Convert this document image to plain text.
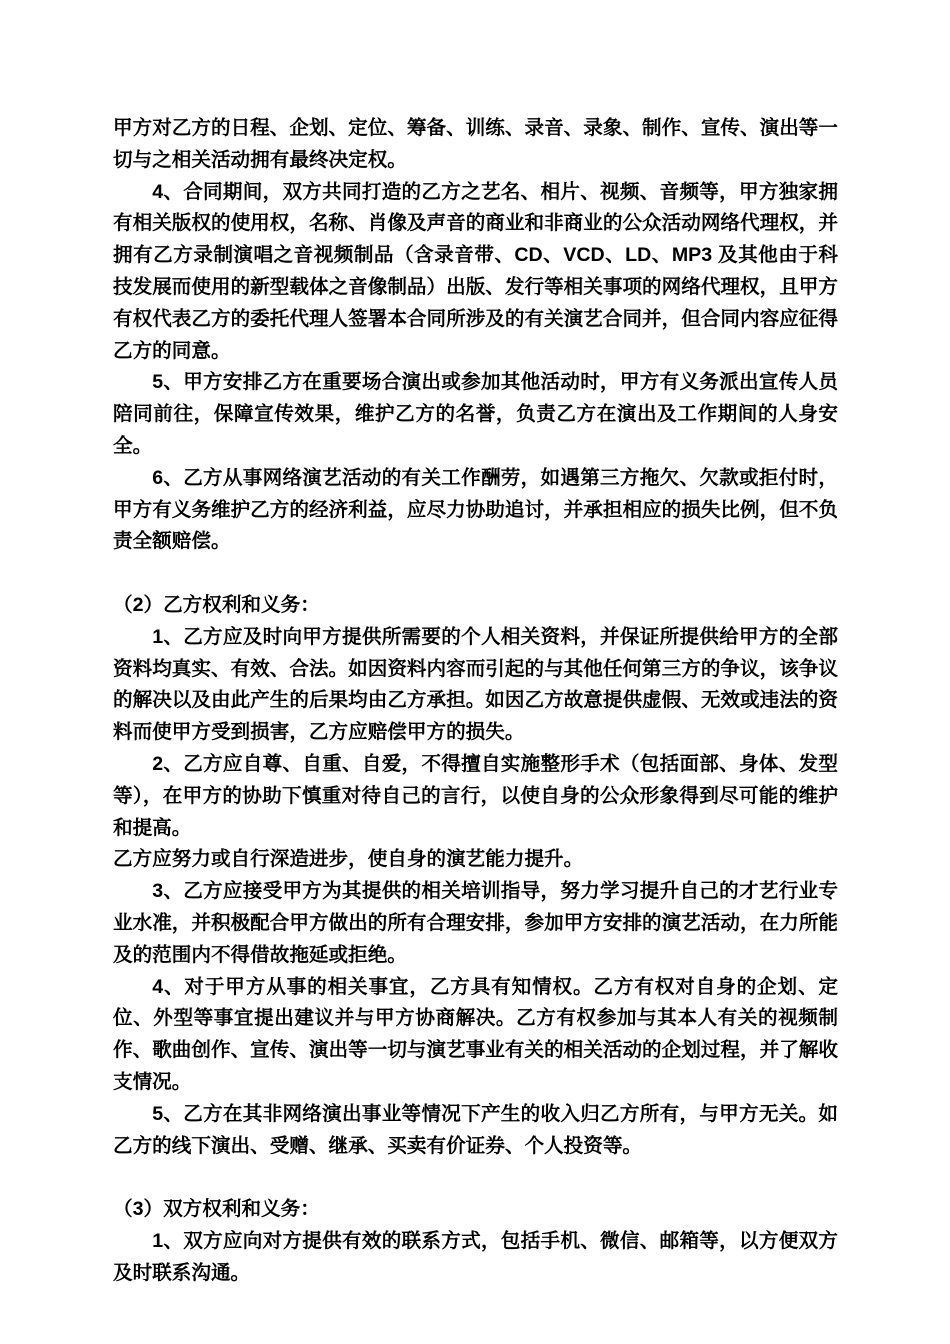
甲方对乙方的日程、企划、定位、筹备、训练、录音、录象、制作、宣传、演出等一切与之相关活动拥有最终决定权。

4、合同期间，双方共同打造的乙方之艺名、相片、视频、音频等，甲方独家拥有相关版权的使用权，名称、肖像及声音的商业和非商业的公众活动网络代理权，并拥有乙方录制演唱之音视频制品（含录音带、CD、VCD、LD、MP3 及其他由于科技发展而使用的新型载体之音像制品）出版、发行等相关事项的网络代理权，且甲方有权代表乙方的委托代理人签署本合同所涉及的有关演艺合同并，但合同内容应征得乙方的同意。

5、甲方安排乙方在重要场合演出或参加其他活动时，甲方有义务派出宣传人员陪同前往，保障宣传效果，维护乙方的名誉，负责乙方在演出及工作期间的人身安全。

6、乙方从事网络演艺活动的有关工作酬劳，如遇第三方拖欠、欠款或拒付时，甲方有义务维护乙方的经济利益，应尽力协助追讨，并承担相应的损失比例，但不负责全额赔偿。

（2）乙方权利和义务：

1、乙方应及时向甲方提供所需要的个人相关资料，并保证所提供给甲方的全部资料均真实、有效、合法。如因资料内容而引起的与其他任何第三方的争议，该争议的解决以及由此产生的后果均由乙方承担。如因乙方故意提供虚假、无效或违法的资料而使甲方受到损害，乙方应赔偿甲方的损失。

2、乙方应自尊、自重、自爱，不得擅自实施整形手术（包括面部、身体、发型等），在甲方的协助下慎重对待自己的言行，以使自身的公众形象得到尽可能的维护和提高。

乙方应努力或自行深造进步，使自身的演艺能力提升。

3、乙方应接受甲方为其提供的相关培训指导，努力学习提升自己的才艺行业专业水准，并积极配合甲方做出的所有合理安排，参加甲方安排的演艺活动，在力所能及的范围内不得借故拖延或拒绝。

4、对于甲方从事的相关事宜，乙方具有知情权。乙方有权对自身的企划、定位、外型等事宜提出建议并与甲方协商解决。乙方有权参加与其本人有关的视频制作、歌曲创作、宣传、演出等一切与演艺事业有关的相关活动的企划过程，并了解收支情况。

5、乙方在其非网络演出事业等情况下产生的收入归乙方所有，与甲方无关。如乙方的线下演出、受赠、继承、买卖有价证券、个人投资等。

（3）双方权利和义务：

1、双方应向对方提供有效的联系方式，包括手机、微信、邮箱等，以方便双方及时联系沟通。
